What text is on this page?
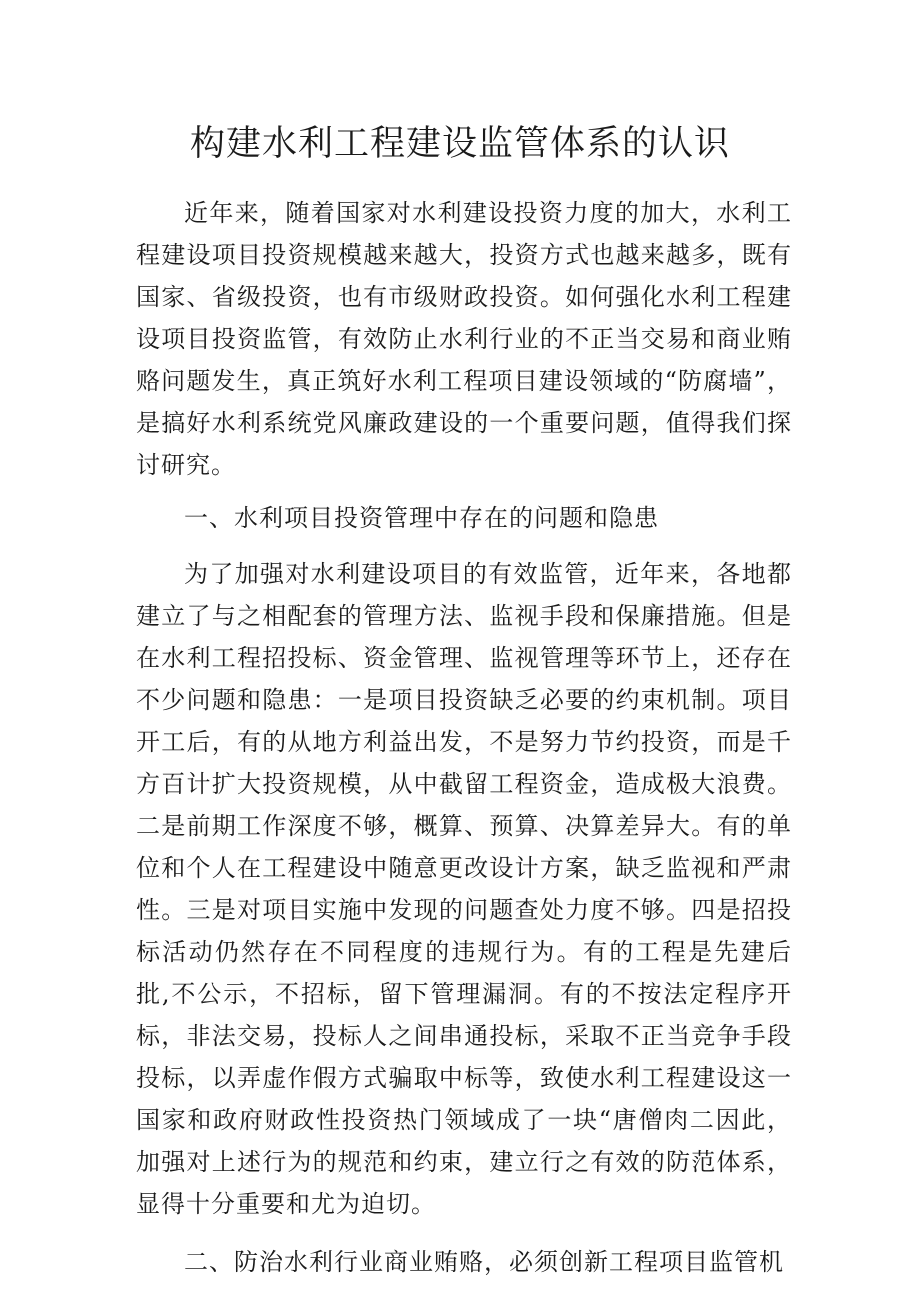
构建水利工程建设监管体系的认识

近年来，随着国家对水利建设投资力度的加大，水利工程建设项目投资规模越来越大，投资方式也越来越多，既有国家、省级投资，也有市级财政投资。如何强化水利工程建设项目投资监管，有效防止水利行业的不正当交易和商业贿赂问题发生，真正筑好水利工程项目建设领域的“防腐墙”，是搞好水利系统党风廉政建设的一个重要问题，值得我们探讨研究。

一、水利项目投资管理中存在的问题和隐患

为了加强对水利建设项目的有效监管，近年来，各地都建立了与之相配套的管理方法、监视手段和保廉措施。但是在水利工程招投标、资金管理、监视管理等环节上，还存在不少问题和隐患：一是项目投资缺乏必要的约束机制。项目开工后，有的从地方利益出发，不是努力节约投资，而是千方百计扩大投资规模，从中截留工程资金，造成极大浪费。二是前期工作深度不够，概算、预算、决算差异大。有的单位和个人在工程建设中随意更改设计方案，缺乏监视和严肃性。三是对项目实施中发现的问题查处力度不够。四是招投标活动仍然存在不同程度的违规行为。有的工程是先建后批,不公示，不招标，留下管理漏洞。有的不按法定程序开标，非法交易，投标人之间串通投标，采取不正当竞争手段投标，以弄虚作假方式骗取中标等，致使水利工程建设这一国家和政府财政性投资热门领域成了一块“唐僧肉二因此，加强对上述行为的规范和约束，建立行之有效的防范体系，显得十分重要和尤为迫切。

二、防治水利行业商业贿赂，必须创新工程项目监管机
